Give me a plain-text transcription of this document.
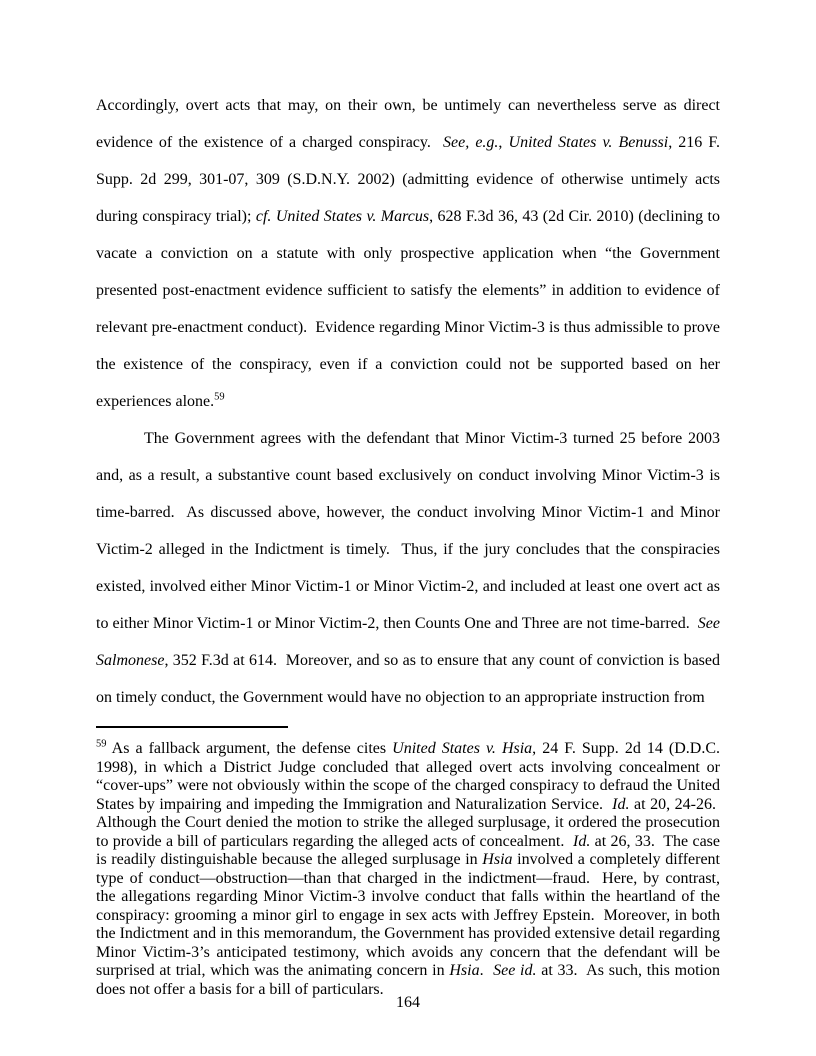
Accordingly, overt acts that may, on their own, be untimely can nevertheless serve as direct evidence of the existence of a charged conspiracy.  See, e.g., United States v. Benussi, 216 F. Supp. 2d 299, 301-07, 309 (S.D.N.Y. 2002) (admitting evidence of otherwise untimely acts during conspiracy trial); cf. United States v. Marcus, 628 F.3d 36, 43 (2d Cir. 2010) (declining to vacate a conviction on a statute with only prospective application when “the Government presented post-enactment evidence sufficient to satisfy the elements” in addition to evidence of relevant pre-enactment conduct).  Evidence regarding Minor Victim-3 is thus admissible to prove the existence of the conspiracy, even if a conviction could not be supported based on her experiences alone.$^{59}$

The Government agrees with the defendant that Minor Victim-3 turned 25 before 2003 and, as a result, a substantive count based exclusively on conduct involving Minor Victim-3 is time-barred.  As discussed above, however, the conduct involving Minor Victim-1 and Minor Victim-2 alleged in the Indictment is timely.  Thus, if the jury concludes that the conspiracies existed, involved either Minor Victim-1 or Minor Victim-2, and included at least one overt act as to either Minor Victim-1 or Minor Victim-2, then Counts One and Three are not time-barred.  See Salmonese, 352 F.3d at 614.  Moreover, and so as to ensure that any count of conviction is based on timely conduct, the Government would have no objection to an appropriate instruction from

$^{59}$ As a fallback argument, the defense cites United States v. Hsia, 24 F. Supp. 2d 14 (D.D.C. 1998), in which a District Judge concluded that alleged overt acts involving concealment or “cover-ups” were not obviously within the scope of the charged conspiracy to defraud the United States by impairing and impeding the Immigration and Naturalization Service.  Id. at 20, 24-26.  Although the Court denied the motion to strike the alleged surplusage, it ordered the prosecution to provide a bill of particulars regarding the alleged acts of concealment.  Id. at 26, 33.  The case is readily distinguishable because the alleged surplusage in Hsia involved a completely different type of conduct—obstruction—than that charged in the indictment—fraud.  Here, by contrast, the allegations regarding Minor Victim-3 involve conduct that falls within the heartland of the conspiracy: grooming a minor girl to engage in sex acts with Jeffrey Epstein.  Moreover, in both the Indictment and in this memorandum, the Government has provided extensive detail regarding Minor Victim-3’s anticipated testimony, which avoids any concern that the defendant will be surprised at trial, which was the animating concern in Hsia.  See id. at 33.  As such, this motion does not offer a basis for a bill of particulars.

164
